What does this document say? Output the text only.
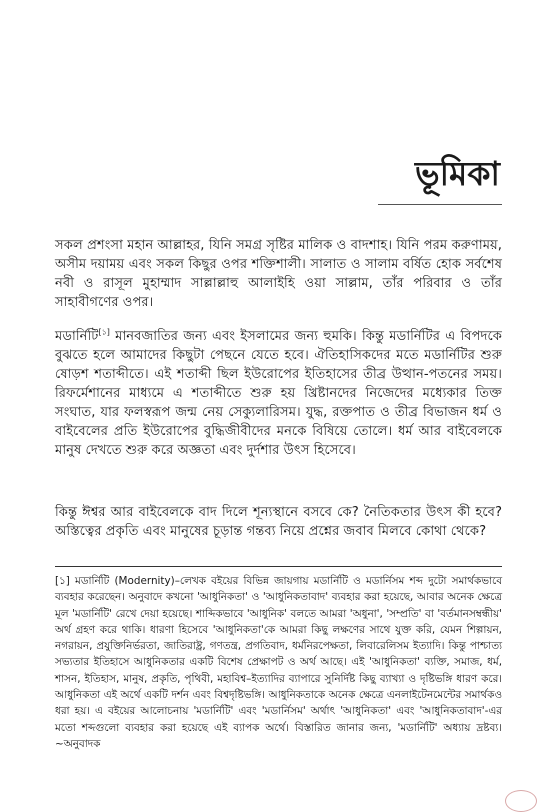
ভূমিকা

সকল প্রশংসা মহান আল্লাহর, যিনি সমগ্র সৃষ্টির মালিক ও বাদশাহ। যিনি পরম করুণাময়, অসীম দয়াময় এবং সকল কিছুর ওপর শক্তিশালী। সালাত ও সালাম বর্ষিত হোক সর্বশেষ নবী ও রাসূল মুহাম্মাদ সাল্লাল্লাহু আলাইহি ওয়া সাল্লাম, তাঁর পরিবার ও তাঁর সাহাবীগণের ওপর।

মডার্নিটি[১] মানবজাতির জন্য এবং ইসলামের জন্য হুমকি। কিন্তু মডার্নিটির এ বিপদকে বুঝতে হলে আমাদের কিছুটা পেছনে যেতে হবে। ঐতিহাসিকদের মতে মডার্নিটির শুরু ষোড়শ শতাব্দীতে। এই শতাব্দী ছিল ইউরোপের ইতিহাসের তীব্র উত্থান-পতনের সময়। রিফর্মেশানের মাধ্যমে এ শতাব্দীতে শুরু হয় খ্রিষ্টানদের নিজেদের মধ্যেকার তিক্ত সংঘাত, যার ফলস্বরূপ জন্ম নেয় সেক্যুলারিসম। যুদ্ধ, রক্তপাত ও তীব্র বিভাজন ধর্ম ও বাইবেলের প্রতি ইউরোপের বুদ্ধিজীবীদের মনকে বিষিয়ে তোলে। ধর্ম আর বাইবেলকে মানুষ দেখতে শুরু করে অজ্ঞতা এবং দুর্দশার উৎস হিসেবে।

কিন্তু ঈশ্বর আর বাইবেলকে বাদ দিলে শূন্যস্থানে বসবে কে? নৈতিকতার উৎস কী হবে? অস্তিত্বের প্রকৃতি এবং মানুষের চূড়ান্ত গন্তব্য নিয়ে প্রশ্নের জবাব মিলবে কোথা থেকে?

[১] মডার্নিটি (Modernity)–লেখক বইয়ের বিভিন্ন জায়গায় মডার্নিটি ও মডার্নিসম শব্দ দুটো সমার্থকভাবে ব্যবহার করেছেন। অনুবাদে কখনো 'আধুনিকতা' ও 'আধুনিকতাবাদ' ব্যবহার করা হয়েছে, আবার অনেক ক্ষেত্রে মূল 'মডার্নিটি' রেখে দেয়া হয়েছে। শাব্দিকভাবে 'আধুনিক' বলতে আমরা 'অধুনা', 'সম্প্রতি' বা 'বর্তমানসম্বন্ধীয়' অর্থ গ্রহণ করে থাকি। ধারণা হিসেবে 'আধুনিকতা'কে আমরা কিছু লক্ষণের সাথে যুক্ত করি, যেমন শিল্পায়ন, নগরায়ন, প্রযুক্তিনির্ভরতা, জাতিরাষ্ট্র, গণতন্ত্র, প্রগতিবাদ, ধর্মনিরপেক্ষতা, লিবারেলিসম ইত্যাদি। কিন্তু পাশ্চাত্য সভ্যতার ইতিহাসে আধুনিকতার একটি বিশেষ প্রেক্ষাপট ও অর্থ আছে। এই 'আধুনিকতা' ব্যক্তি, সমাজ, ধর্ম, শাসন, ইতিহাস, মানুষ, প্রকৃতি, পৃথিবী, মহাবিশ্ব–ইত্যাদির ব্যাপারে সুনির্দিষ্ট কিছু ব্যাখ্যা ও দৃষ্টিভঙ্গি ধারণ করে। আধুনিকতা এই অর্থে একটি দর্শন এবং বিশ্বদৃষ্টিভঙ্গি। আধুনিকতাকে অনেক ক্ষেত্রে এনলাইটেনমেন্টের সমার্থকও ধরা হয়। এ বইয়ের আলোচনায় 'মডার্নিটি' এবং 'মডার্নিসম' অর্থাৎ 'আধুনিকতা' এবং 'আধুনিকতাবাদ'-এর মতো শব্দগুলো ব্যবহার করা হয়েছে এই ব্যাপক অর্থে। বিস্তারিত জানার জন্য, 'মডার্নিটি' অধ্যায় দ্রষ্টব্য। ~অনুবাদক
